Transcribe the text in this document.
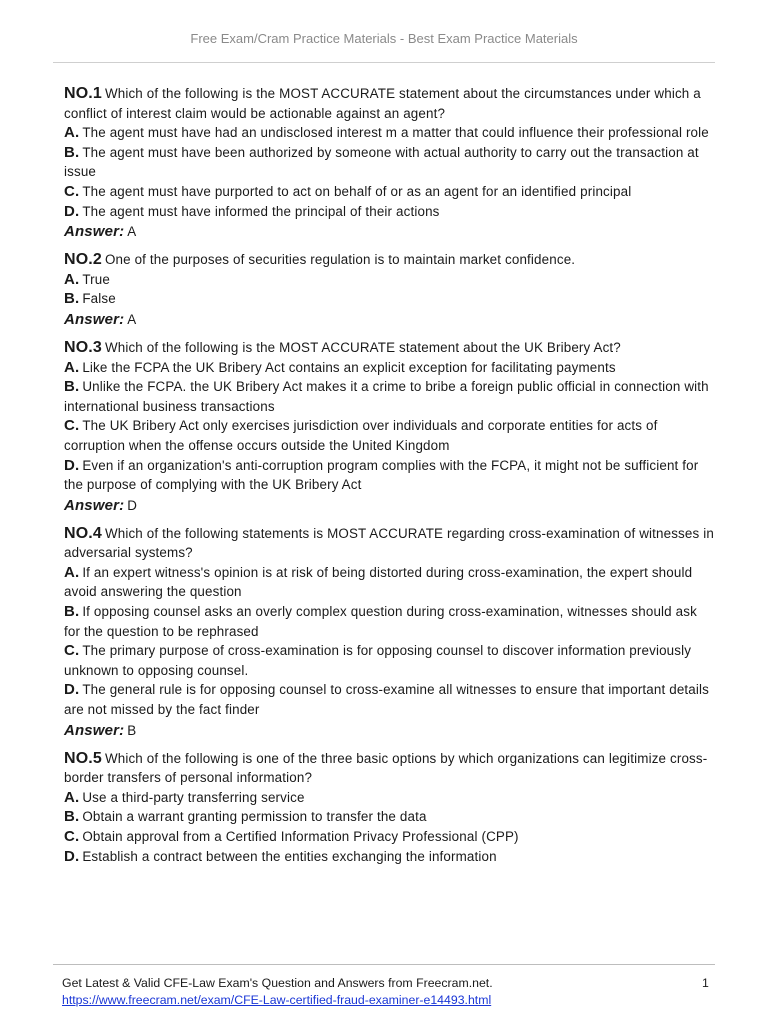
Free Exam/Cram Practice Materials - Best Exam Practice Materials

NO.1 Which of the following is the MOST ACCURATE statement about the circumstances under which a conflict of interest claim would be actionable against an agent?

A. The agent must have had an undisclosed interest m a matter that could influence their professional role

B. The agent must have been authorized by someone with actual authority to carry out the transaction at issue

C. The agent must have purported to act on behalf of or as an agent for an identified principal

D. The agent must have informed the principal of their actions

Answer: A

NO.2 One of the purposes of securities regulation is to maintain market confidence.

A. True

B. False

Answer: A

NO.3 Which of the following is the MOST ACCURATE statement about the UK Bribery Act?

A. Like the FCPA the UK Bribery Act contains an explicit exception for facilitating payments

B. Unlike the FCPA. the UK Bribery Act makes it a crime to bribe a foreign public official in connection with international business transactions

C. The UK Bribery Act only exercises jurisdiction over individuals and corporate entities for acts of corruption when the offense occurs outside the United Kingdom

D. Even if an organization's anti-corruption program complies with the FCPA, it might not be sufficient for the purpose of complying with the UK Bribery Act

Answer: D

NO.4 Which of the following statements is MOST ACCURATE regarding cross-examination of witnesses in adversarial systems?

A. If an expert witness's opinion is at risk of being distorted during cross-examination, the expert should avoid answering the question

B. If opposing counsel asks an overly complex question during cross-examination, witnesses should ask for the question to be rephrased

C. The primary purpose of cross-examination is for opposing counsel to discover information previously unknown to opposing counsel.

D. The general rule is for opposing counsel to cross-examine all witnesses to ensure that important details are not missed by the fact finder

Answer: B

NO.5 Which of the following is one of the three basic options by which organizations can legitimize cross-border transfers of personal information?

A. Use a third-party transferring service

B. Obtain a warrant granting permission to transfer the data

C. Obtain approval from a Certified Information Privacy Professional (CPP)

D. Establish a contract between the entities exchanging the information

Get Latest & Valid CFE-Law Exam's Question and Answers from Freecram.net.
https://www.freecram.net/exam/CFE-Law-certified-fraud-examiner-e14493.html
1
